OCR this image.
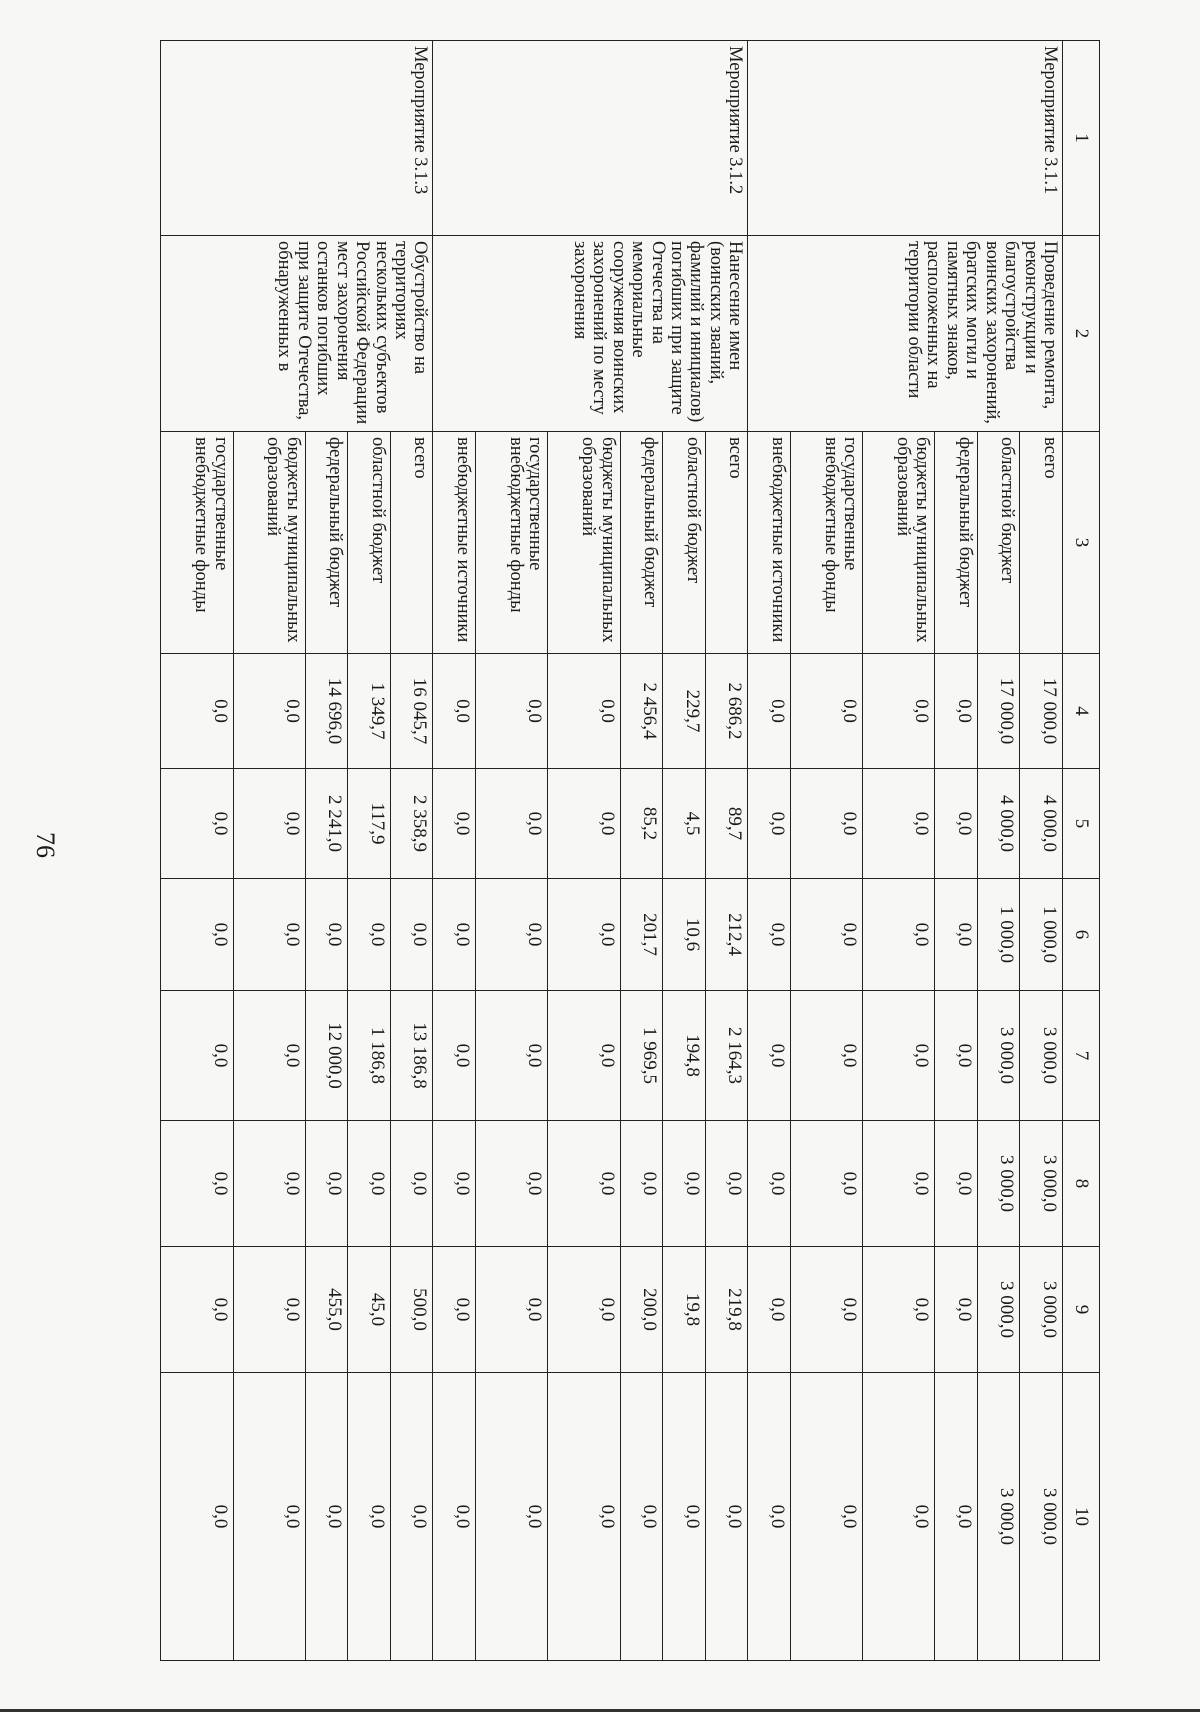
76
1	2	3	4	5	6	7	8	9	10
Мероприятие 3.1.1	Проведение ремонта, реконструкции и благоустройства воинских захоронений, братских могил и памятных знаков, расположенных на территории области	всего	17 000,0	4 000,0	1 000,0	3 000,0	3 000,0	3 000,0	3 000,0
		областной бюджет	17 000,0	4 000,0	1 000,0	3 000,0	3 000,0	3 000,0	3 000,0
		федеральный бюджет	0,0	0,0	0,0	0,0	0,0	0,0	0,0
		бюджеты муниципальных образований	0,0	0,0	0,0	0,0	0,0	0,0	0,0
		государственные внебюджетные фонды	0,0	0,0	0,0	0,0	0,0	0,0	0,0
		внебюджетные источники	0,0	0,0	0,0	0,0	0,0	0,0	0,0
Мероприятие 3.1.2	Нанесение имен (воинских званий, фамилий и инициалов) погибших при защите Отечества на мемориальные сооружения воинских захоронений по месту захоронения	всего	2 686,2	89,7	212,4	2 164,3	0,0	219,8	0,0
		областной бюджет	229,7	4,5	10,6	194,8	0,0	19,8	0,0
		федеральный бюджет	2 456,4	85,2	201,7	1 969,5	0,0	200,0	0,0
		бюджеты муниципальных образований	0,0	0,0	0,0	0,0	0,0	0,0	0,0
		государственные внебюджетные фонды	0,0	0,0	0,0	0,0	0,0	0,0	0,0
		внебюджетные источники	0,0	0,0	0,0	0,0	0,0	0,0	0,0
Мероприятие 3.1.3	Обустройство на территориях нескольких субъектов Российской Федерации мест захоронения останков погибших при защите Отечества, обнаруженных в	всего	16 045,7	2 358,9	0,0	13 186,8	0,0	500,0	0,0
		областной бюджет	1 349,7	117,9	0,0	1 186,8	0,0	45,0	0,0
		федеральный бюджет	14 696,0	2 241,0	0,0	12 000,0	0,0	455,0	0,0
		бюджеты муниципальных образований	0,0	0,0	0,0	0,0	0,0	0,0	0,0
		государственные внебюджетные фонды	0,0	0,0	0,0	0,0	0,0	0,0	0,0
